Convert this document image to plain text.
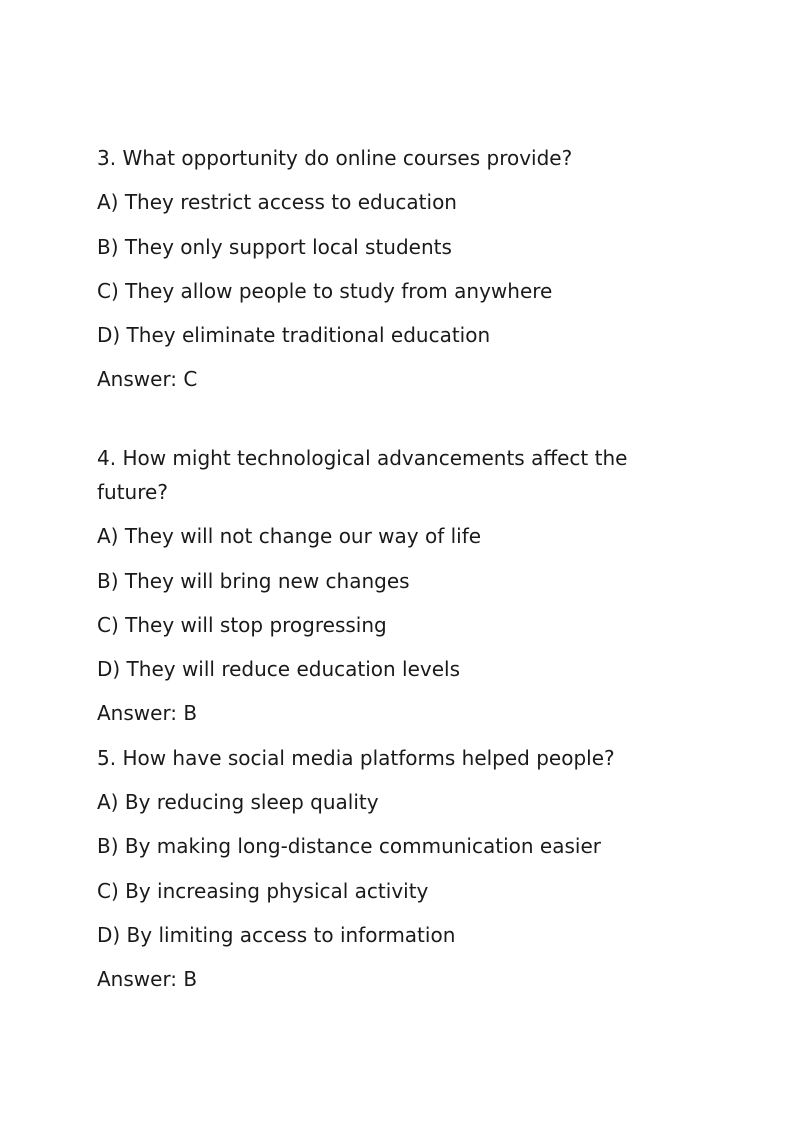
3. What opportunity do online courses provide?
A) They restrict access to education
B) They only support local students
C) They allow people to study from anywhere
D) They eliminate traditional education
Answer: C
4. How might technological advancements affect the future?
A) They will not change our way of life
B) They will bring new changes
C) They will stop progressing
D) They will reduce education levels
Answer: B
5. How have social media platforms helped people?
A) By reducing sleep quality
B) By making long-distance communication easier
C) By increasing physical activity
D) By limiting access to information
Answer: B
